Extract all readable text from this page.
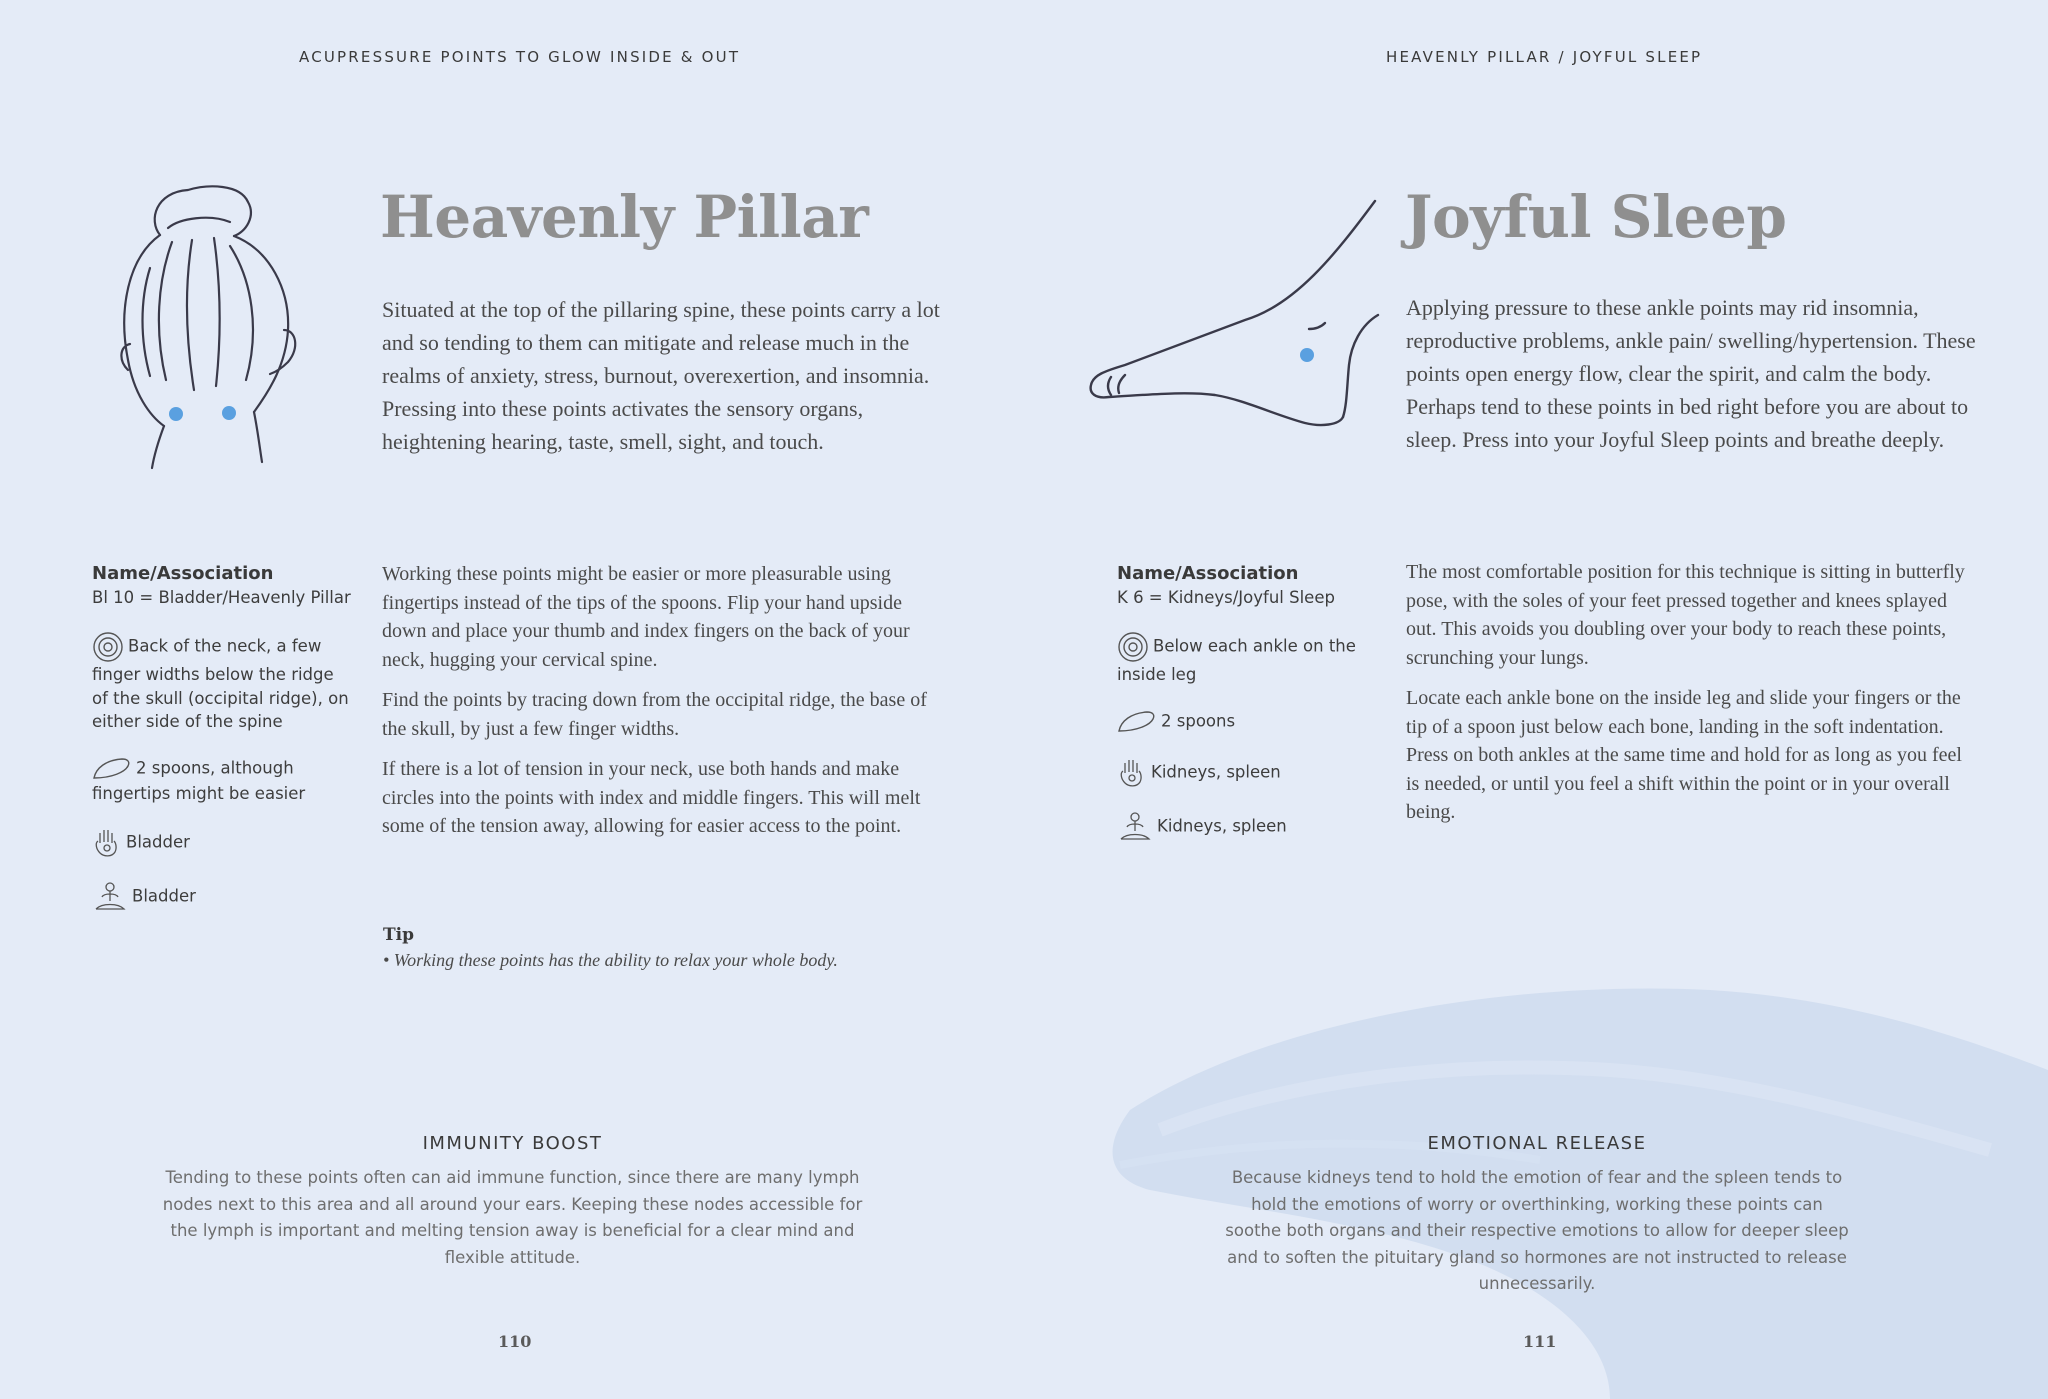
ACUPRESSURE POINTS TO GLOW INSIDE & OUT
Heavenly Pillar

Situated at the top of the pillaring spine, these points carry a lot and so tending to them can mitigate and release much in the realms of anxiety, stress, burnout, overexertion, and insomnia. Pressing into these points activates the sensory organs, heightening hearing, taste, smell, sight, and touch.

Name/Association
Bl 10 = Bladder/Heavenly Pillar
Back of the neck, a few finger widths below the ridge of the skull (occipital ridge), on either side of the spine
2 spoons, although fingertips might be easier
Bladder
Bladder

Working these points might be easier or more pleasurable using fingertips instead of the tips of the spoons. Flip your hand upside down and place your thumb and index fingers on the back of your neck, hugging your cervical spine.

Find the points by tracing down from the occipital ridge, the base of the skull, by just a few finger widths.

If there is a lot of tension in your neck, use both hands and make circles into the points with index and middle fingers. This will melt some of the tension away, allowing for easier access to the point.

Tip
• Working these points has the ability to relax your whole body.
IMMUNITY BOOST
Tending to these points often can aid immune function, since there are many lymph nodes next to this area and all around your ears. Keeping these nodes accessible for the lymph is important and melting tension away is beneficial for a clear mind and flexible attitude.
110
HEAVENLY PILLAR / JOYFUL SLEEP
Joyful Sleep

Applying pressure to these ankle points may rid insomnia, reproductive problems, ankle pain/ swelling/hypertension. These points open energy flow, clear the spirit, and calm the body. Perhaps tend to these points in bed right before you are about to sleep. Press into your Joyful Sleep points and breathe deeply.

Name/Association
K 6 = Kidneys/Joyful Sleep
Below each ankle on the inside leg
2 spoons
Kidneys, spleen
Kidneys, spleen

The most comfortable position for this technique is sitting in butterfly pose, with the soles of your feet pressed together and knees splayed out. This avoids you doubling over your body to reach these points, scrunching your lungs.

Locate each ankle bone on the inside leg and slide your fingers or the tip of a spoon just below each bone, landing in the soft indentation. Press on both ankles at the same time and hold for as long as you feel is needed, or until you feel a shift within the point or in your overall being.

EMOTIONAL RELEASE
Because kidneys tend to hold the emotion of fear and the spleen tends to hold the emotions of worry or overthinking, working these points can soothe both organs and their respective emotions to allow for deeper sleep and to soften the pituitary gland so hormones are not instructed to release unnecessarily.
111
